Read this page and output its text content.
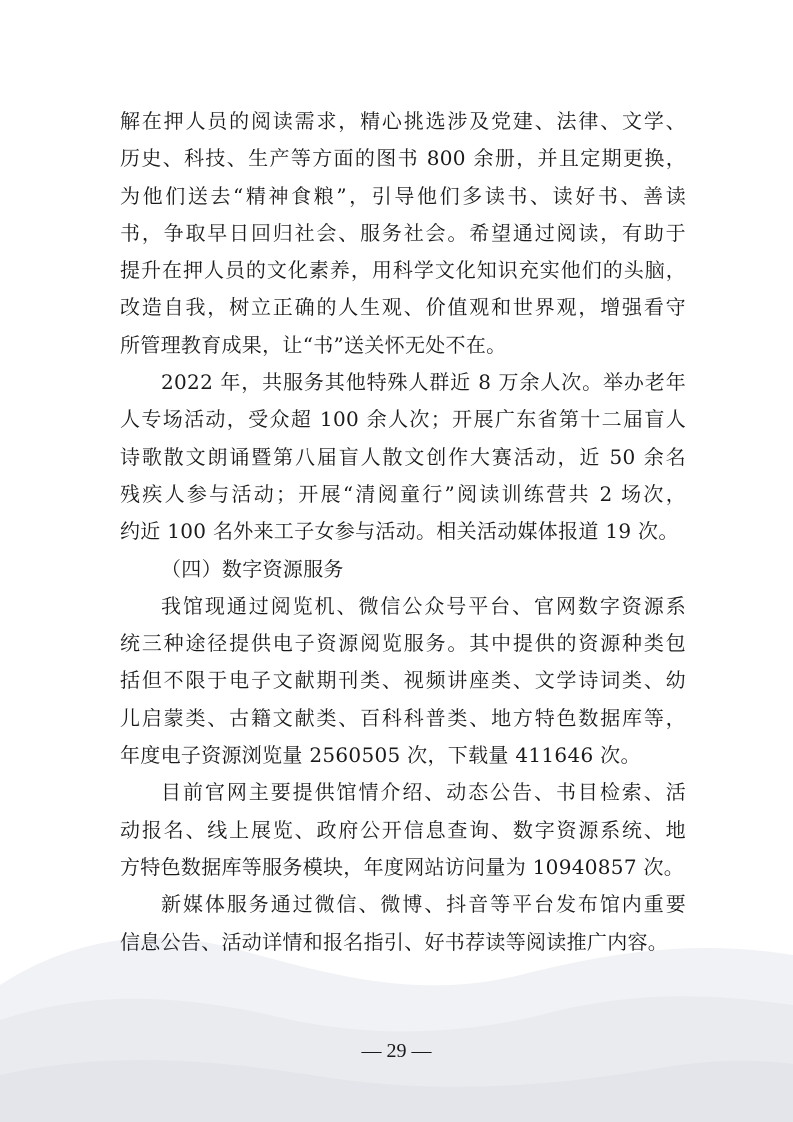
解在押人员的阅读需求，精心挑选涉及党建、法律、文学、
历史、科技、生产等方面的图书 800 余册，并且定期更换，
为他们送去“精神食粮”，引导他们多读书、读好书、善读
书，争取早日回归社会、服务社会。希望通过阅读，有助于
提升在押人员的文化素养，用科学文化知识充实他们的头脑，
改造自我，树立正确的人生观、价值观和世界观，增强看守
所管理教育成果，让“书”送关怀无处不在。
2022 年，共服务其他特殊人群近 8 万余人次。举办老年
人专场活动，受众超 100 余人次；开展广东省第十二届盲人
诗歌散文朗诵暨第八届盲人散文创作大赛活动，近 50 余名
残疾人参与活动；开展“清阅童行”阅读训练营共 2 场次，
约近 100 名外来工子女参与活动。相关活动媒体报道 19 次。
（四）数字资源服务
我馆现通过阅览机、微信公众号平台、官网数字资源系
统三种途径提供电子资源阅览服务。其中提供的资源种类包
括但不限于电子文献期刊类、视频讲座类、文学诗词类、幼
儿启蒙类、古籍文献类、百科科普类、地方特色数据库等，
年度电子资源浏览量 2560505 次，下载量 411646 次。
目前官网主要提供馆情介绍、动态公告、书目检索、活
动报名、线上展览、政府公开信息查询、数字资源系统、地
方特色数据库等服务模块，年度网站访问量为 10940857 次。
新媒体服务通过微信、微博、抖音等平台发布馆内重要
信息公告、活动详情和报名指引、好书荐读等阅读推广内容。
— 29 —
